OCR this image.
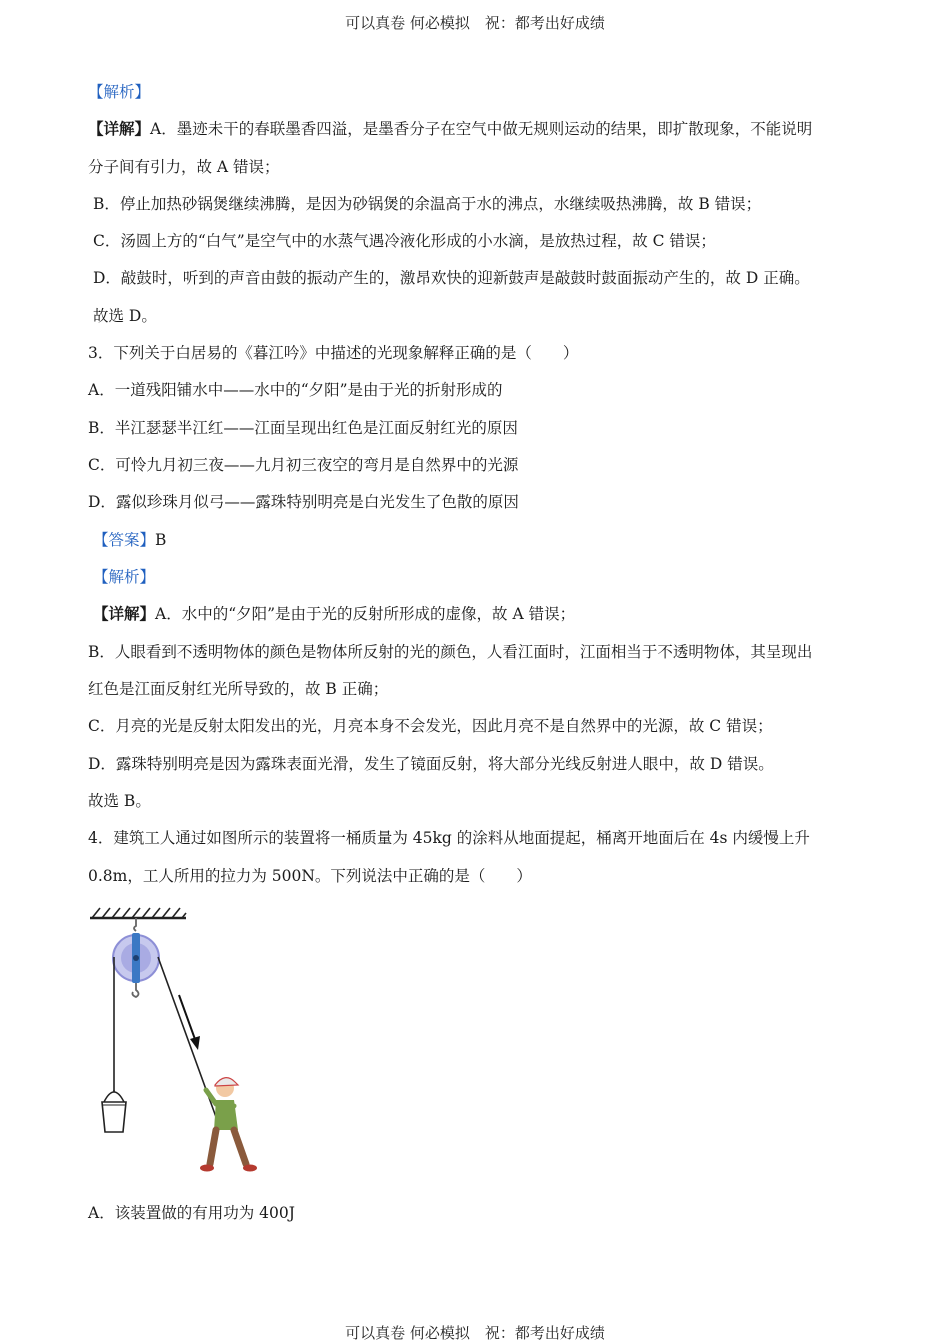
可以真卷 何必模拟　祝：都考出好成绩
【解析】
【详解】A．墨迹未干的春联墨香四溢，是墨香分子在空气中做无规则运动的结果，即扩散现象，不能说明
分子间有引力，故 A 错误；
B．停止加热砂锅煲继续沸腾，是因为砂锅煲的余温高于水的沸点，水继续吸热沸腾，故 B 错误；
C．汤圆上方的“白气”是空气中的水蒸气遇冷液化形成的小水滴，是放热过程，故 C 错误；
D．敲鼓时，听到的声音由鼓的振动产生的，激昂欢快的迎新鼓声是敲鼓时鼓面振动产生的，故 D 正确。
故选 D。
3．下列关于白居易的《暮江吟》中描述的光现象解释正确的是（　　）
A．一道残阳铺水中——水中的“夕阳”是由于光的折射形成的
B．半江瑟瑟半江红——江面呈现出红色是江面反射红光的原因
C．可怜九月初三夜——九月初三夜空的弯月是自然界中的光源
D．露似珍珠月似弓——露珠特别明亮是白光发生了色散的原因
【答案】B
【解析】
【详解】A．水中的“夕阳”是由于光的反射所形成的虚像，故 A 错误；
B．人眼看到不透明物体的颜色是物体所反射的光的颜色，人看江面时，江面相当于不透明物体，其呈现出
红色是江面反射红光所导致的，故 B 正确；
C．月亮的光是反射太阳发出的光，月亮本身不会发光，因此月亮不是自然界中的光源，故 C 错误；
D．露珠特别明亮是因为露珠表面光滑，发生了镜面反射，将大部分光线反射进人眼中，故 D 错误。
故选 B。
4．建筑工人通过如图所示的装置将一桶质量为 45kg 的涂料从地面提起，桶离开地面后在 4s 内缓慢上升
0.8m，工人所用的拉力为 500N。下列说法中正确的是（　　）
A．该装置做的有用功为 400J
可以真卷 何必模拟　祝：都考出好成绩
